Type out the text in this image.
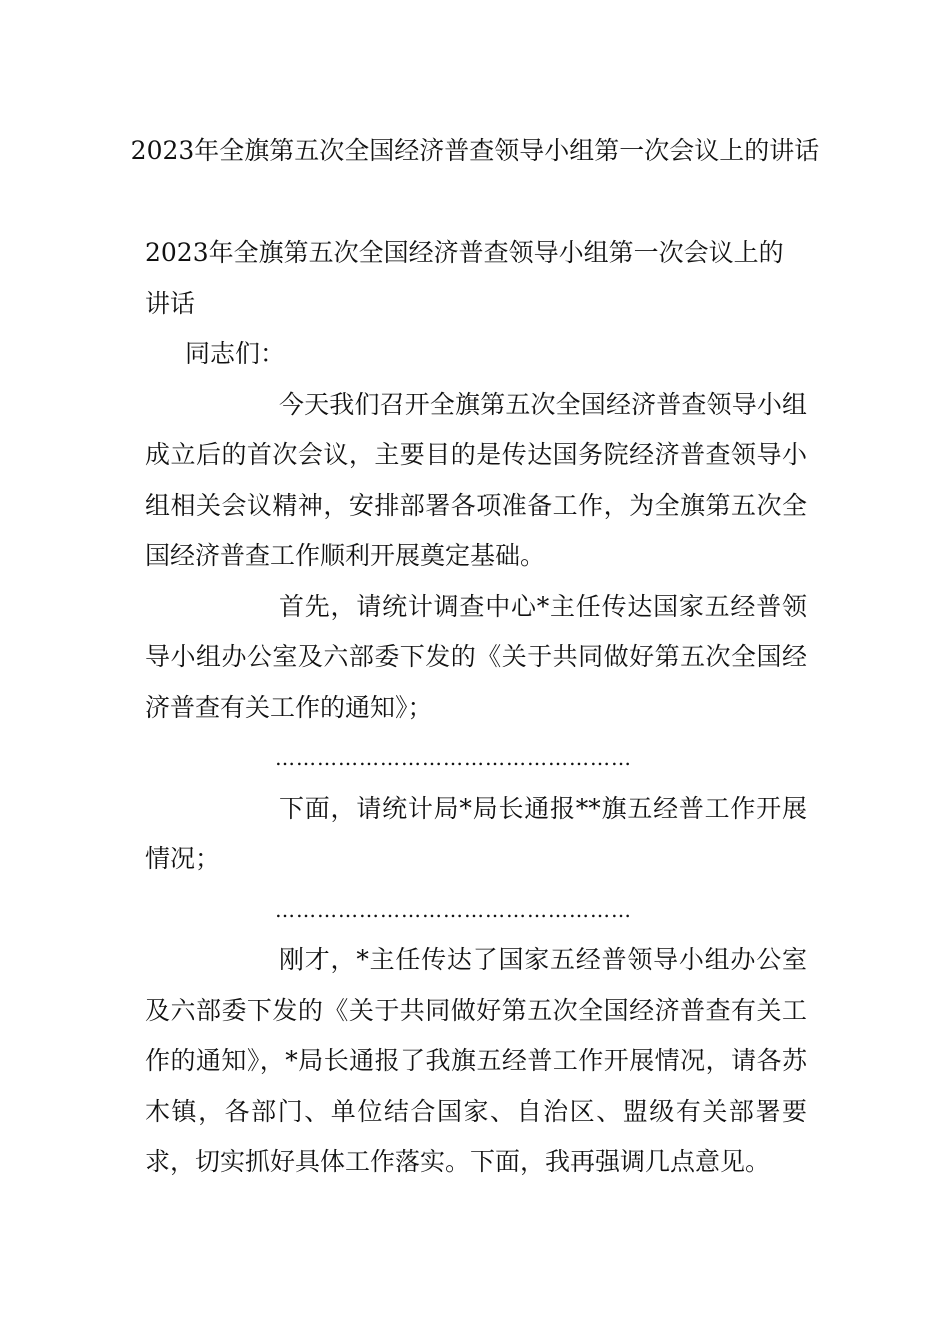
2023年全旗第五次全国经济普查领导小组第一次会议上的讲话

2023年全旗第五次全国经济普查领导小组第一次会议上的讲话

同志们：

今天我们召开全旗第五次全国经济普查领导小组成立后的首次会议，主要目的是传达国务院经济普查领导小组相关会议精神，安排部署各项准备工作，为全旗第五次全国经济普查工作顺利开展奠定基础。

首先，请统计调查中心*主任传达国家五经普领导小组办公室及六部委下发的《关于共同做好第五次全国经济普查有关工作的通知》；

……………………………………………

下面，请统计局*局长通报**旗五经普工作开展情况；

……………………………………………

刚才，*主任传达了国家五经普领导小组办公室及六部委下发的《关于共同做好第五次全国经济普查有关工作的通知》，*局长通报了我旗五经普工作开展情况，请各苏木镇，各部门、单位结合国家、自治区、盟级有关部署要求，切实抓好具体工作落实。下面，我再强调几点意见。
